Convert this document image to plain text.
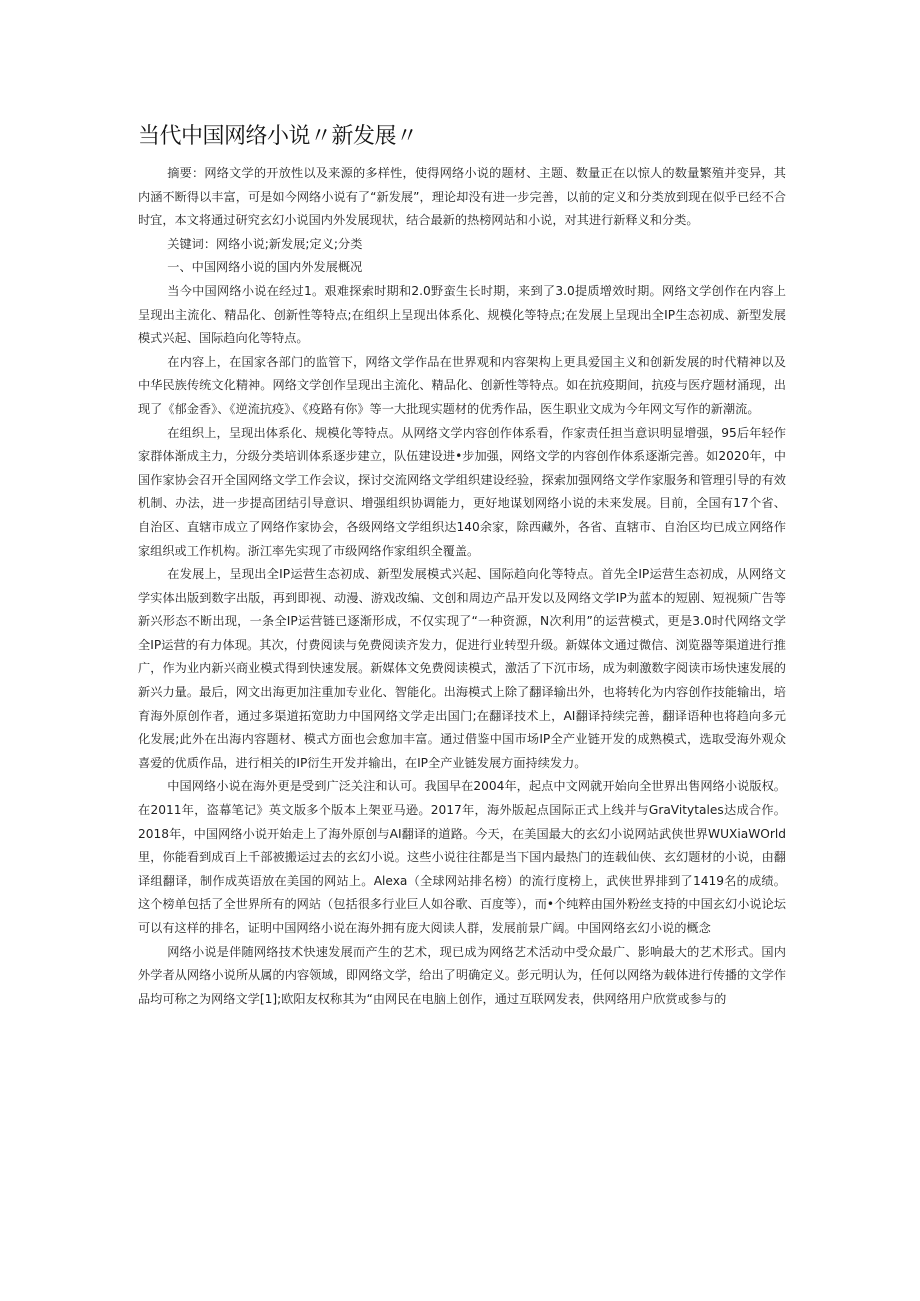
当代中国网络小说〃新发展〃

摘要：网络文学的开放性以及来源的多样性，使得网络小说的题材、主题、数量正在以惊人的数量繁殖并变异，其内涵不断得以丰富，可是如今网络小说有了“新发展”，理论却没有进一步完善，以前的定义和分类放到现在似乎已经不合时宜，本文将通过研究玄幻小说国内外发展现状，结合最新的热榜网站和小说，对其进行新释义和分类。

关键词：网络小说;新发展;定义;分类

一、中国网络小说的国内外发展概况

当今中国网络小说在经过1。艰难探索时期和2.0野蛮生长时期，来到了3.0提质增效时期。网络文学创作在内容上呈现出主流化、精品化、创新性等特点;在组织上呈现出体系化、规模化等特点;在发展上呈现出全IP生态初成、新型发展模式兴起、国际趋向化等特点。

在内容上，在国家各部门的监管下，网络文学作品在世界观和内容架构上更具爱国主义和创新发展的时代精神以及中华民族传统文化精神。网络文学创作呈现出主流化、精品化、创新性等特点。如在抗疫期间，抗疫与医疗题材涌现，出现了《郁金香》、《逆流抗疫》、《疫路有你》等一大批现实题材的优秀作品，医生职业文成为今年网文写作的新潮流。

在组织上，呈现出体系化、规模化等特点。从网络文学内容创作体系看，作家责任担当意识明显增强，95后年轻作家群体渐成主力，分级分类培训体系逐步建立，队伍建设进•步加强，网络文学的内容创作体系逐渐完善。如2020年，中国作家协会召开全国网络文学工作会议，探讨交流网络文学组织建设经验，探索加强网络文学作家服务和管理引导的有效机制、办法，进一步提高团结引导意识、增强组织协调能力，更好地谋划网络小说的未来发展。目前，全国有17个省、自治区、直辖市成立了网络作家协会，各级网络文学组织达140余家，除西藏外，各省、直辖市、自治区均已成立网络作家组织或工作机构。浙江率先实现了市级网络作家组织全覆盖。

在发展上，呈现出全IP运营生态初成、新型发展模式兴起、国际趋向化等特点。首先全IP运营生态初成，从网络文学实体出版到数字出版，再到即视、动漫、游戏改编、文创和周边产品开发以及网络文学IP为蓝本的短剧、短视频广告等新兴形态不断出现，一条全IP运营链已逐渐形成，不仅实现了“一种资源，N次利用”的运营模式，更是3.0时代网络文学全IP运营的有力体现。其次，付费阅读与免费阅读齐发力，促进行业转型升级。新媒体文通过微信、浏览器等渠道进行推广，作为业内新兴商业模式得到快速发展。新媒体文免费阅读模式，激活了下沉市场，成为刺激数字阅读市场快速发展的新兴力量。最后，网文出海更加注重加专业化、智能化。出海模式上除了翻译输出外，也将转化为内容创作技能输出，培育海外原创作者，通过多渠道拓宽助力中国网络文学走出国门;在翻译技术上，AI翻译持续完善，翻译语种也将趋向多元化发展;此外在出海内容题材、模式方面也会愈加丰富。通过借鉴中国市场IP全产业链开发的成熟模式，选取受海外观众喜爱的优质作品，进行相关的IP衍生开发并输出，在IP全产业链发展方面持续发力。

中国网络小说在海外更是受到广泛关注和认可。我国早在2004年，起点中文网就开始向全世界出售网络小说版权。在2011年，盗幕笔记》英文版多个版本上架亚马逊。2017年，海外版起点国际正式上线并与GraVitytales达成合作。2018年，中国网络小说开始走上了海外原创与AI翻译的道路。今天，在美国最大的玄幻小说网站武侠世界WUXiaWOrld里，你能看到成百上千部被搬运过去的玄幻小说。这些小说往往都是当下国内最热门的连载仙侠、玄幻题材的小说，由翻译组翻译，制作成英语放在美国的网站上。Alexa（全球网站排名榜）的流行度榜上，武侠世界排到了1419名的成绩。这个榜单包括了全世界所有的网站（包括很多行业巨人如谷歌、百度等），而•个纯粹由国外粉丝支持的中国玄幻小说论坛可以有这样的排名，证明中国网络小说在海外拥有庞大阅读人群，发展前景广阔。中国网络玄幻小说的概念

网络小说是伴随网络技术快速发展而产生的艺术，现已成为网络艺术活动中受众最广、影响最大的艺术形式。国内外学者从网络小说所从属的内容领域，即网络文学，给出了明确定义。彭元明认为，任何以网络为载体进行传播的文学作品均可称之为网络文学[1];欧阳友权称其为“由网民在电脑上创作，通过互联网发表，供网络用户欣赏或参与的
